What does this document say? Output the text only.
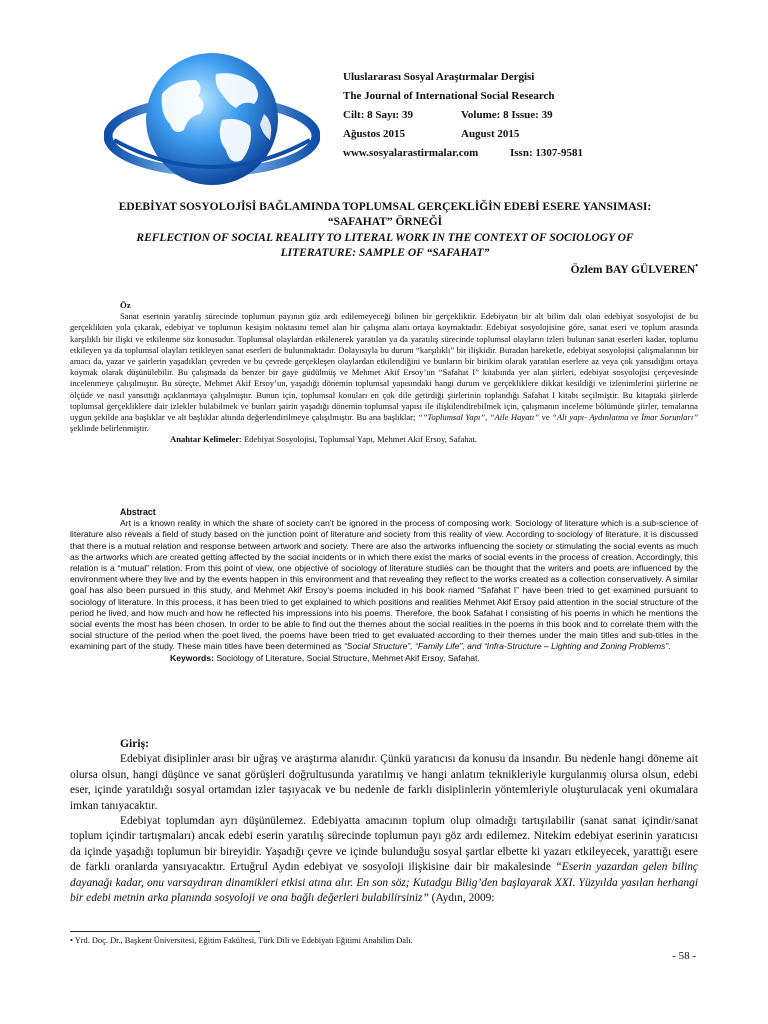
Uluslararası Sosyal Araştırmalar Dergisi
The Journal of International Social Research
Cilt: 8 Sayı: 39	Volume: 8 Issue: 39
Ağustos 2015	August 2015
www.sosyalarastirmalar.com	Issn: 1307-9581
EDEBİYAT SOSYOLOJİSİ BAĞLAMINDA TOPLUMSAL GERÇEKLİĞİN EDEBİ ESERE YANSIMASI:
“SAFAHAT” ÖRNEĞİ
REFLECTION OF SOCIAL REALITY TO LITERAL WORK IN THE CONTEXT OF SOCIOLOGY OF
LITERATURE: SAMPLE OF “SAFAHAT”
Özlem BAY GÜLVEREN•
Öz

Sanat eserinin yaratılış sürecinde toplumun payının göz ardı edilemeyeceği bilinen bir gerçekliktir. Edebiyatın bir alt bilim dalı olan edebiyat sosyolojisi de bu gerçeklikten yola çıkarak, edebiyat ve toplumun kesişim noktasını temel alan bir çalışma alanı ortaya koymaktadır. Edebiyat sosyolojisine göre, sanat eseri ve toplum arasında karşılıklı bir ilişki ve etkilenme söz konusudur. Toplumsal olaylardan etkilenerek yaratılan ya da yaratılış sürecinde toplumsal olayların izleri bulunan sanat eserleri kadar, toplumu etkileyen ya da toplumsal olayları tetikleyen sanat eserleri de bulunmaktadır. Dolayısıyla bu durum “karşılıklı” bir ilişkidir. Buradan hareketle, edebiyat sosyolojisi çalışmalarının bir amacı da, yazar ve şairlerin yaşadıkları çevreden ve bu çevrede gerçekleşen olaylardan etkilendiğini ve bunların bir birikim olarak yaratılan eserlere az veya çok yansıdığını ortaya koymak olarak düşünülebilir. Bu çalışmada da benzer bir gaye güdülmüş ve Mehmet Akif Ersoy’un “Safahat I” kitabında yer alan şiirleri, edebiyat sosyolojisi çerçevesinde incelenmeye çalışılmıştır. Bu süreçte, Mehmet Akif Ersoy’un, yaşadığı dönemin toplumsal yapısındaki hangi durum ve gerçekliklere dikkat kesildiği ve izlenimlerini şiirlerine ne ölçüde ve nasıl yansıttığı açıklanmaya çalışılmıştır. Bunun için, toplumsal konuları en çok dile getirdiği şiirlerinin toplandığı Safahat I kitabı seçilmiştir. Bu kitaptaki şiirlerde toplumsal gerçekliklere dair izlekler bulabilmek ve bunları şairin yaşadığı dönemin toplumsal yapısı ile ilişkilendirebilmek için, çalışmanın inceleme bölümünde şiirler, temalarına uygun şekilde ana başlıklar ve alt başlıklar altında değerlendirilmeye çalışılmıştır. Bu ana başlıklar; “”Toplumsal Yapı”, “Aile Hayatı” ve “Alt yapı- Aydınlatma ve İmar Sorunları” şeklinde belirlenmiştir.

Anahtar Kelimeler: Edebiyat Sosyolojisi, Toplumsal Yapı, Mehmet Akif Ersoy, Safahat.

Abstract

Art is a known reality in which the share of society can’t be ignored in the process of composing work. Sociology of literature which is a sub-science of literature also reveals a field of study based on the junction point of literature and society from this reality of view. According to sociology of literature, it is discussed that there is a mutual relation and response between artwork and society. There are also the artworks influencing the society or stimulating the social events as much as the artworks which are created getting affected by the social incidents or in which there exist the marks of social events in the process of creation. Accordingly, this relation is a “mutual” relation. From this point of view, one objective of sociology of literature studies can be thought that the writers and poets are influenced by the environment where they live and by the events happen in this environment and that revealing they reflect to the works created as a collection conservatively. A similar goal has also been pursued in this study, and Mehmet Akif Ersoy’s poems included in his book named “Safahat I” have been tried to get examined pursuant to sociology of literature. In this process, it has been tried to get explained to which positions and realities Mehmet Akif Ersoy paid attention in the social structure of the period he lived, and how much and how he reflected his impressions into his poems. Therefore, the book Safahat I consisting of his poems in which he mentions the social events the most has been chosen. In order to be able to find out the themes about the social realities in the poems in this book and to correlate them with the social structure of the period when the poet lived, the poems have been tried to get evaluated according to their themes under the main titles and sub-titles in the examining part of the study. These main titles have been determined as “Social Structure”, “Family Life”, and “Infra-Structure – Lighting and Zoning Problems”.

Keywords: Sociology of Literature, Social Structure, Mehmet Akif Ersoy, Safahat.

Giriş:

Edebiyat disiplinler arası bir uğraş ve araştırma alanıdır. Çünkü yaratıcısı da konusu da insandır. Bu nedenle hangi döneme ait olursa olsun, hangi düşünce ve sanat görüşleri doğrultusunda yaratılmış ve hangi anlatım teknikleriyle kurgulanmış olursa olsun, edebi eser, içinde yaratıldığı sosyal ortamdan izler taşıyacak ve bu nedenle de farklı disiplinlerin yöntemleriyle oluşturulacak yeni okumalara imkan tanıyacaktır.

Edebiyat toplumdan ayrı düşünülemez. Edebiyatta amacının toplum olup olmadığı tartışılabilir (sanat sanat içindir/sanat toplum içindir tartışmaları) ancak edebi eserin yaratılış sürecinde toplumun payı göz ardı edilemez. Nitekim edebiyat eserinin yaratıcısı da içinde yaşadığı toplumun bir bireyidir. Yaşadığı çevre ve içinde bulunduğu sosyal şartlar elbette ki yazarı etkileyecek, yarattığı esere de farklı oranlarda yansıyacaktır. Ertuğrul Aydın edebiyat ve sosyoloji ilişkisine dair bir makalesinde “Eserin yazardan gelen bilinç dayanağı kadar, onu varsaydıran dinamikleri etkisi atına alır. En son söz; Kutadgu Bilig’den başlayarak XXI. Yüzyılda yasılan herhangi bir edebi metnin arka planında sosyoloji ve ona bağlı değerleri bulabilirsiniz” (Aydın, 2009:

• Yrd. Doç. Dr., Başkent Üniversitesi, Eğitim Fakültesi, Türk Dili ve Edebiyatı Eğitimi Anabilim Dalı.
- 58 -
